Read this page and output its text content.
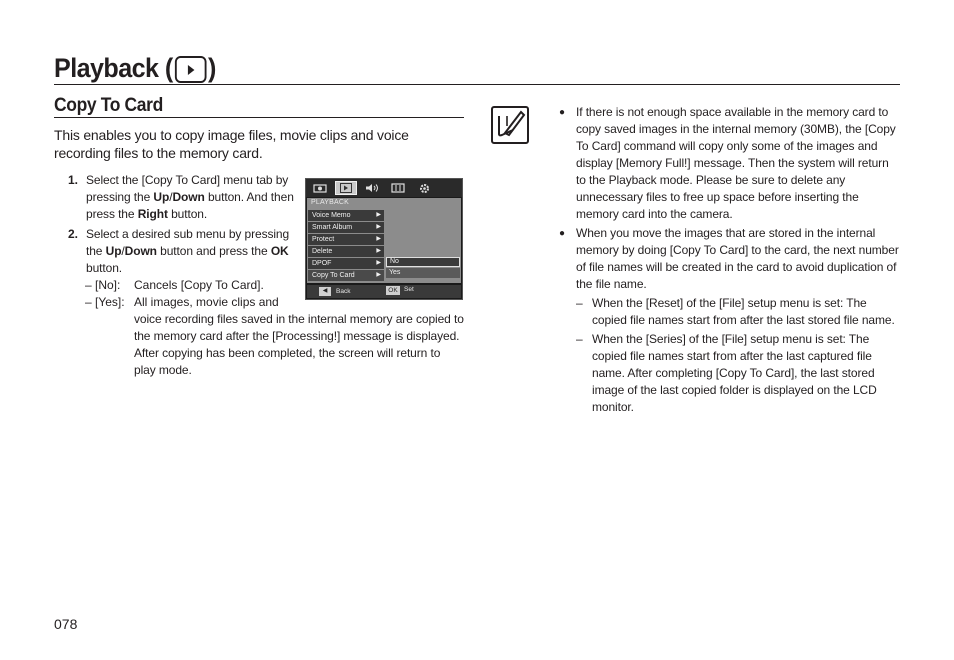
Playback ( )
Copy To Card
This enables you to copy image files, movie clips and voice recording files to the memory card.
1. Select the [Copy To Card] menu tab by pressing the Up/Down button. And then press the Right button.
2. Select a desired sub menu by pressing the Up/Down button and press the OK button.
– [No]: Cancels [Copy To Card].
– [Yes]: All images, movie clips and
voice recording files saved in the internal memory are copied to the memory card after the [Processing!] message is displayed. After copying has been completed, the screen will return to play mode.
PLAYBACK
Voice Memo	▶
Smart Album	▶
Protect	▶
Delete	▶
DPOF	▶
Copy To Card	▶
No
Yes
◀	Back	OK Set
● If there is not enough space available in the memory card to copy saved images in the internal memory (30MB), the [Copy To Card] command will copy only some of the images and display [Memory Full!] message. Then the system will return to the Playback mode. Please be sure to delete any unnecessary files to free up space before inserting the memory card into the camera.
● When you move the images that are stored in the internal memory by doing [Copy To Card] to the card, the next number of file names will be created in the card to avoid duplication of the file name.
– When the [Reset] of the [File] setup menu is set: The copied file names start from after the last stored file name.
– When the [Series] of the [File] setup menu is set: The copied file names start from after the last captured file name. After completing [Copy To Card], the last stored image of the last copied folder is displayed on the LCD monitor.
078
